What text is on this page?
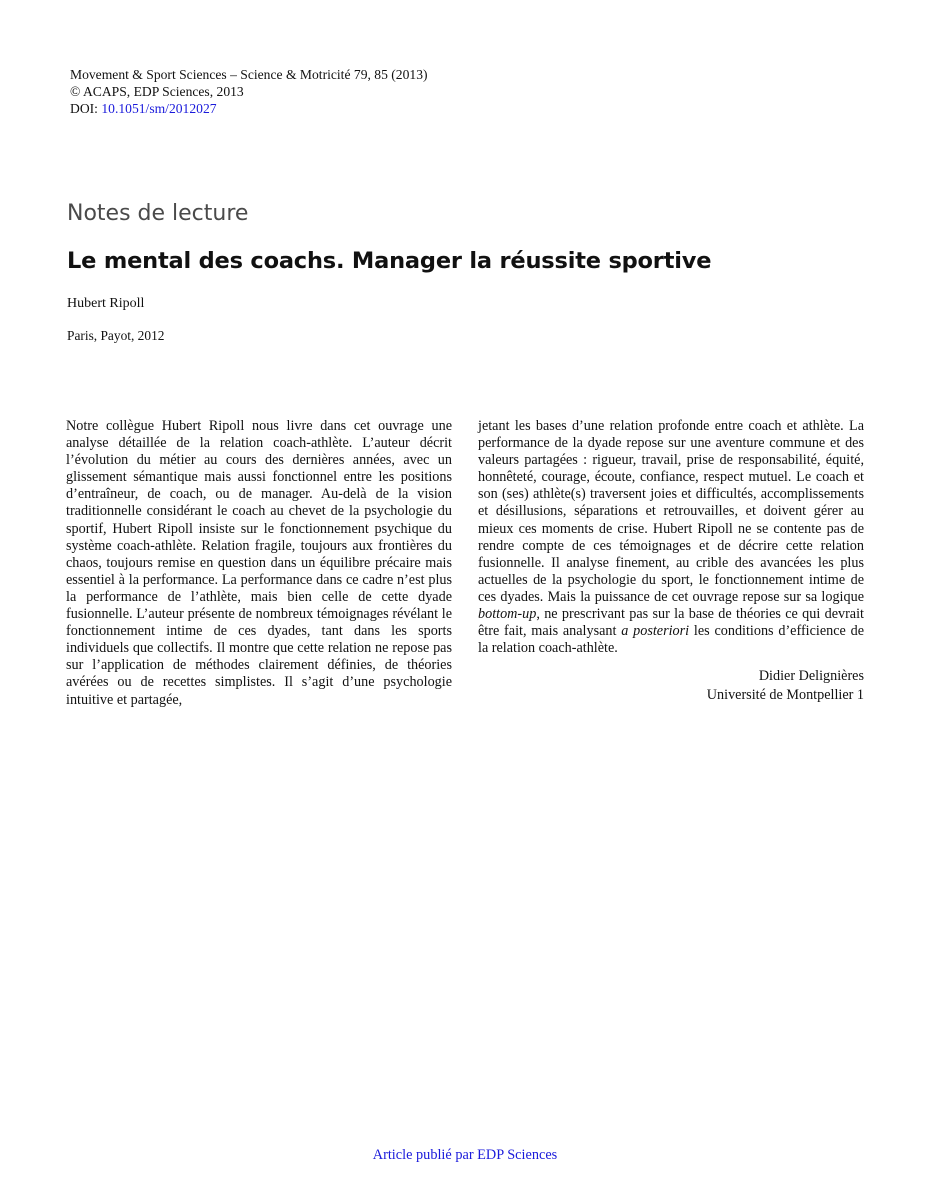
Movement & Sport Sciences – Science & Motricité 79, 85 (2013)
© ACAPS, EDP Sciences, 2013
DOI: 10.1051/sm/2012027
Notes de lecture
Le mental des coachs. Manager la réussite sportive
Hubert Ripoll
Paris, Payot, 2012

Notre collègue Hubert Ripoll nous livre dans cet ouvrage une analyse détaillée de la relation coach-athlète. L’auteur décrit l’évolution du métier au cours des dernières années, avec un glissement sémantique mais aussi fonctionnel entre les positions d’entraîneur, de coach, ou de manager. Au-delà de la vision traditionnelle considérant le coach au chevet de la psychologie du sportif, Hubert Ripoll insiste sur le fonctionnement psychique du système coach-athlète. Relation fragile, toujours aux frontières du chaos, toujours remise en question dans un équilibre précaire mais essentiel à la performance. La performance dans ce cadre n’est plus la performance de l’athlète, mais bien celle de cette dyade fusionnelle. L’auteur présente de nombreux témoignages révélant le fonctionnement intime de ces dyades, tant dans les sports individuels que collectifs. Il montre que cette relation ne repose pas sur l’application de méthodes clairement définies, de théories avérées ou de recettes simplistes. Il s’agit d’une psychologie intuitive et partagée,

jetant les bases d’une relation profonde entre coach et athlète. La performance de la dyade repose sur une aventure commune et des valeurs partagées : rigueur, travail, prise de responsabilité, équité, honnêteté, courage, écoute, confiance, respect mutuel. Le coach et son (ses) athlète(s) traversent joies et difficultés, accomplissements et désillusions, séparations et retrouvailles, et doivent gérer au mieux ces moments de crise. Hubert Ripoll ne se contente pas de rendre compte de ces témoignages et de décrire cette relation fusionnelle. Il analyse finement, au crible des avancées les plus actuelles de la psychologie du sport, le fonctionnement intime de ces dyades. Mais la puissance de cet ouvrage repose sur sa logique bottom-up, ne prescrivant pas sur la base de théories ce qui devrait être fait, mais analysant a posteriori les conditions d’efficience de la relation coach-athlète.

Didier Delignières
Université de Montpellier 1
Article publié par EDP Sciences
